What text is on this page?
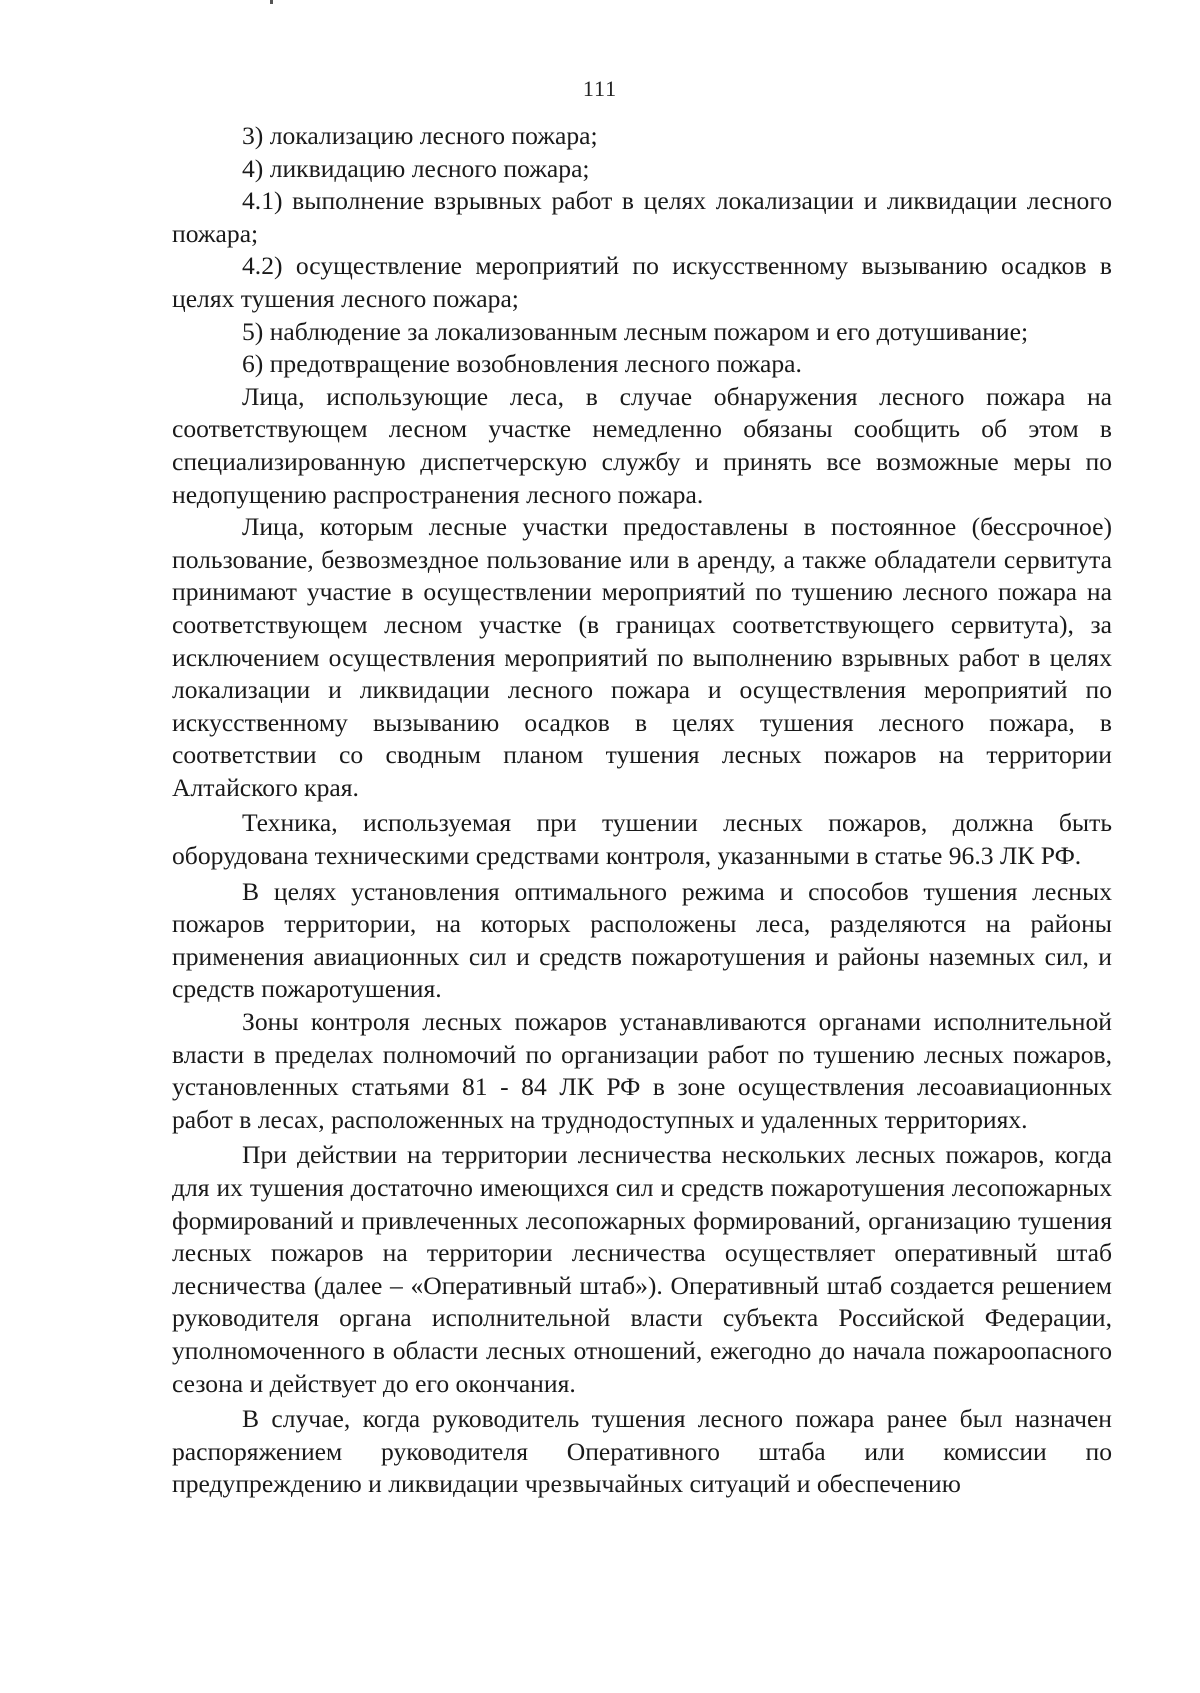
111

3) локализацию лесного пожара;

4) ликвидацию лесного пожара;

4.1) выполнение взрывных работ в целях локализации и ликвидации лесного пожара;

4.2) осуществление мероприятий по искусственному вызыванию осадков в целях тушения лесного пожара;

5) наблюдение за локализованным лесным пожаром и его дотушивание;

6) предотвращение возобновления лесного пожара.

Лица, использующие леса, в случае обнаружения лесного пожара на соответствующем лесном участке немедленно обязаны сообщить об этом в специализированную диспетчерскую службу и принять все возможные меры по недопущению распространения лесного пожара.

Лица, которым лесные участки предоставлены в постоянное (бессрочное) пользование, безвозмездное пользование или в аренду, а также обладатели сервитута принимают участие в осуществлении мероприятий по тушению лесного пожара на соответствующем лесном участке (в границах соответствующего сервитута), за исключением осуществления мероприятий по выполнению взрывных работ в целях локализации и ликвидации лесного пожара и осуществления мероприятий по искусственному вызыванию осадков в целях тушения лесного пожара, в соответствии со сводным планом тушения лесных пожаров на территории Алтайского края.

Техника, используемая при тушении лесных пожаров, должна быть оборудована техническими средствами контроля, указанными в статье 96.3 ЛК РФ.

В целях установления оптимального режима и способов тушения лесных пожаров территории, на которых расположены леса, разделяются на районы применения авиационных сил и средств пожаротушения и районы наземных сил, и средств пожаротушения.

Зоны контроля лесных пожаров устанавливаются органами исполнительной власти в пределах полномочий по организации работ по тушению лесных пожаров, установленных статьями 81 - 84 ЛК РФ в зоне осуществления лесоавиационных работ в лесах, расположенных на труднодоступных и удаленных территориях.

При действии на территории лесничества нескольких лесных пожаров, когда для их тушения достаточно имеющихся сил и средств пожаротушения лесопожарных формирований и привлеченных лесопожарных формирований, организацию тушения лесных пожаров на территории лесничества осуществляет оперативный штаб лесничества (далее – «Оперативный штаб»). Оперативный штаб создается решением руководителя органа исполнительной власти субъекта Российской Федерации, уполномоченного в области лесных отношений, ежегодно до начала пожароопасного сезона и действует до его окончания.

В случае, когда руководитель тушения лесного пожара ранее был назначен распоряжением руководителя Оперативного штаба или комиссии по предупреждению и ликвидации чрезвычайных ситуаций и обеспечению
